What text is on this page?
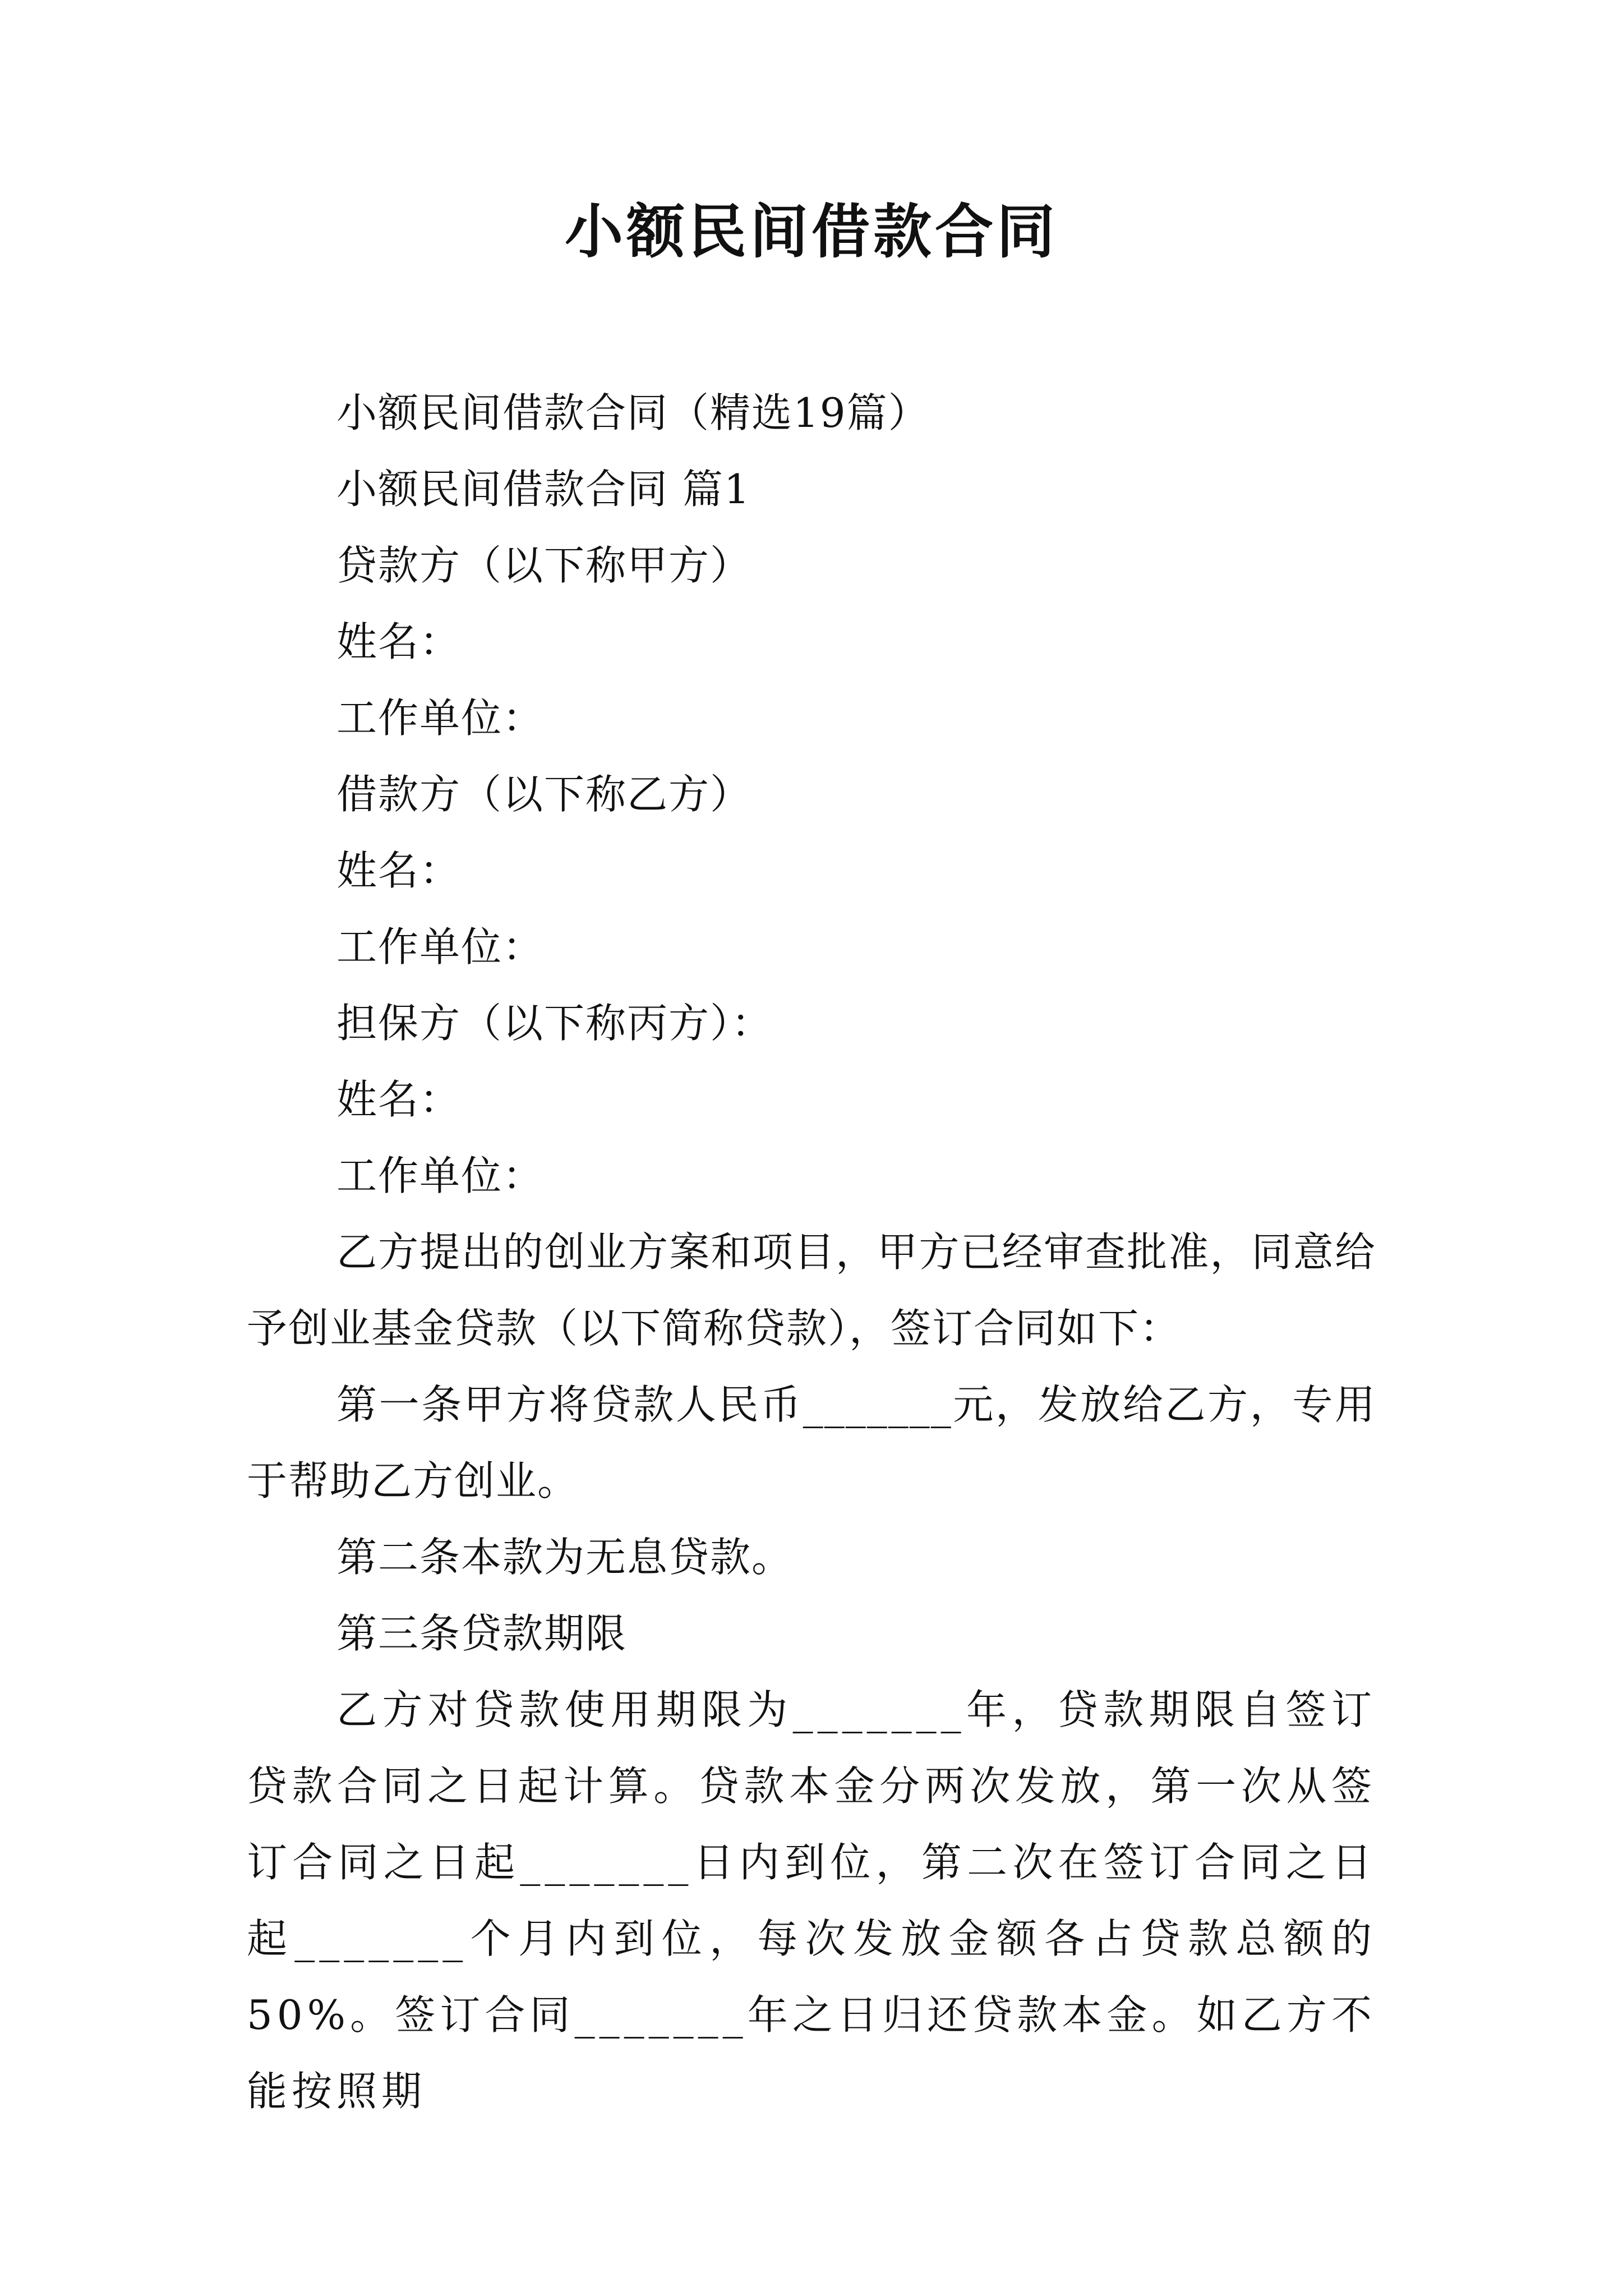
小额民间借款合同

小额民间借款合同（精选19篇）

小额民间借款合同 篇1

贷款方（以下称甲方）

姓名：

工作单位：

借款方（以下称乙方）

姓名：

工作单位：

担保方（以下称丙方）：

姓名：

工作单位：

乙方提出的创业方案和项目，甲方已经审查批准，同意给予创业基金贷款（以下简称贷款），签订合同如下：

第一条甲方将贷款人民币_______元，发放给乙方，专用于帮助乙方创业。

第二条本款为无息贷款。

第三条贷款期限

乙方对贷款使用期限为_______年，贷款期限自签订贷款合同之日起计算。贷款本金分两次发放，第一次从签订合同之日起_______日内到位，第二次在签订合同之日起_______个月内到位，每次发放金额各占贷款总额的50%。签订合同_______年之日归还贷款本金。如乙方不能按照期
